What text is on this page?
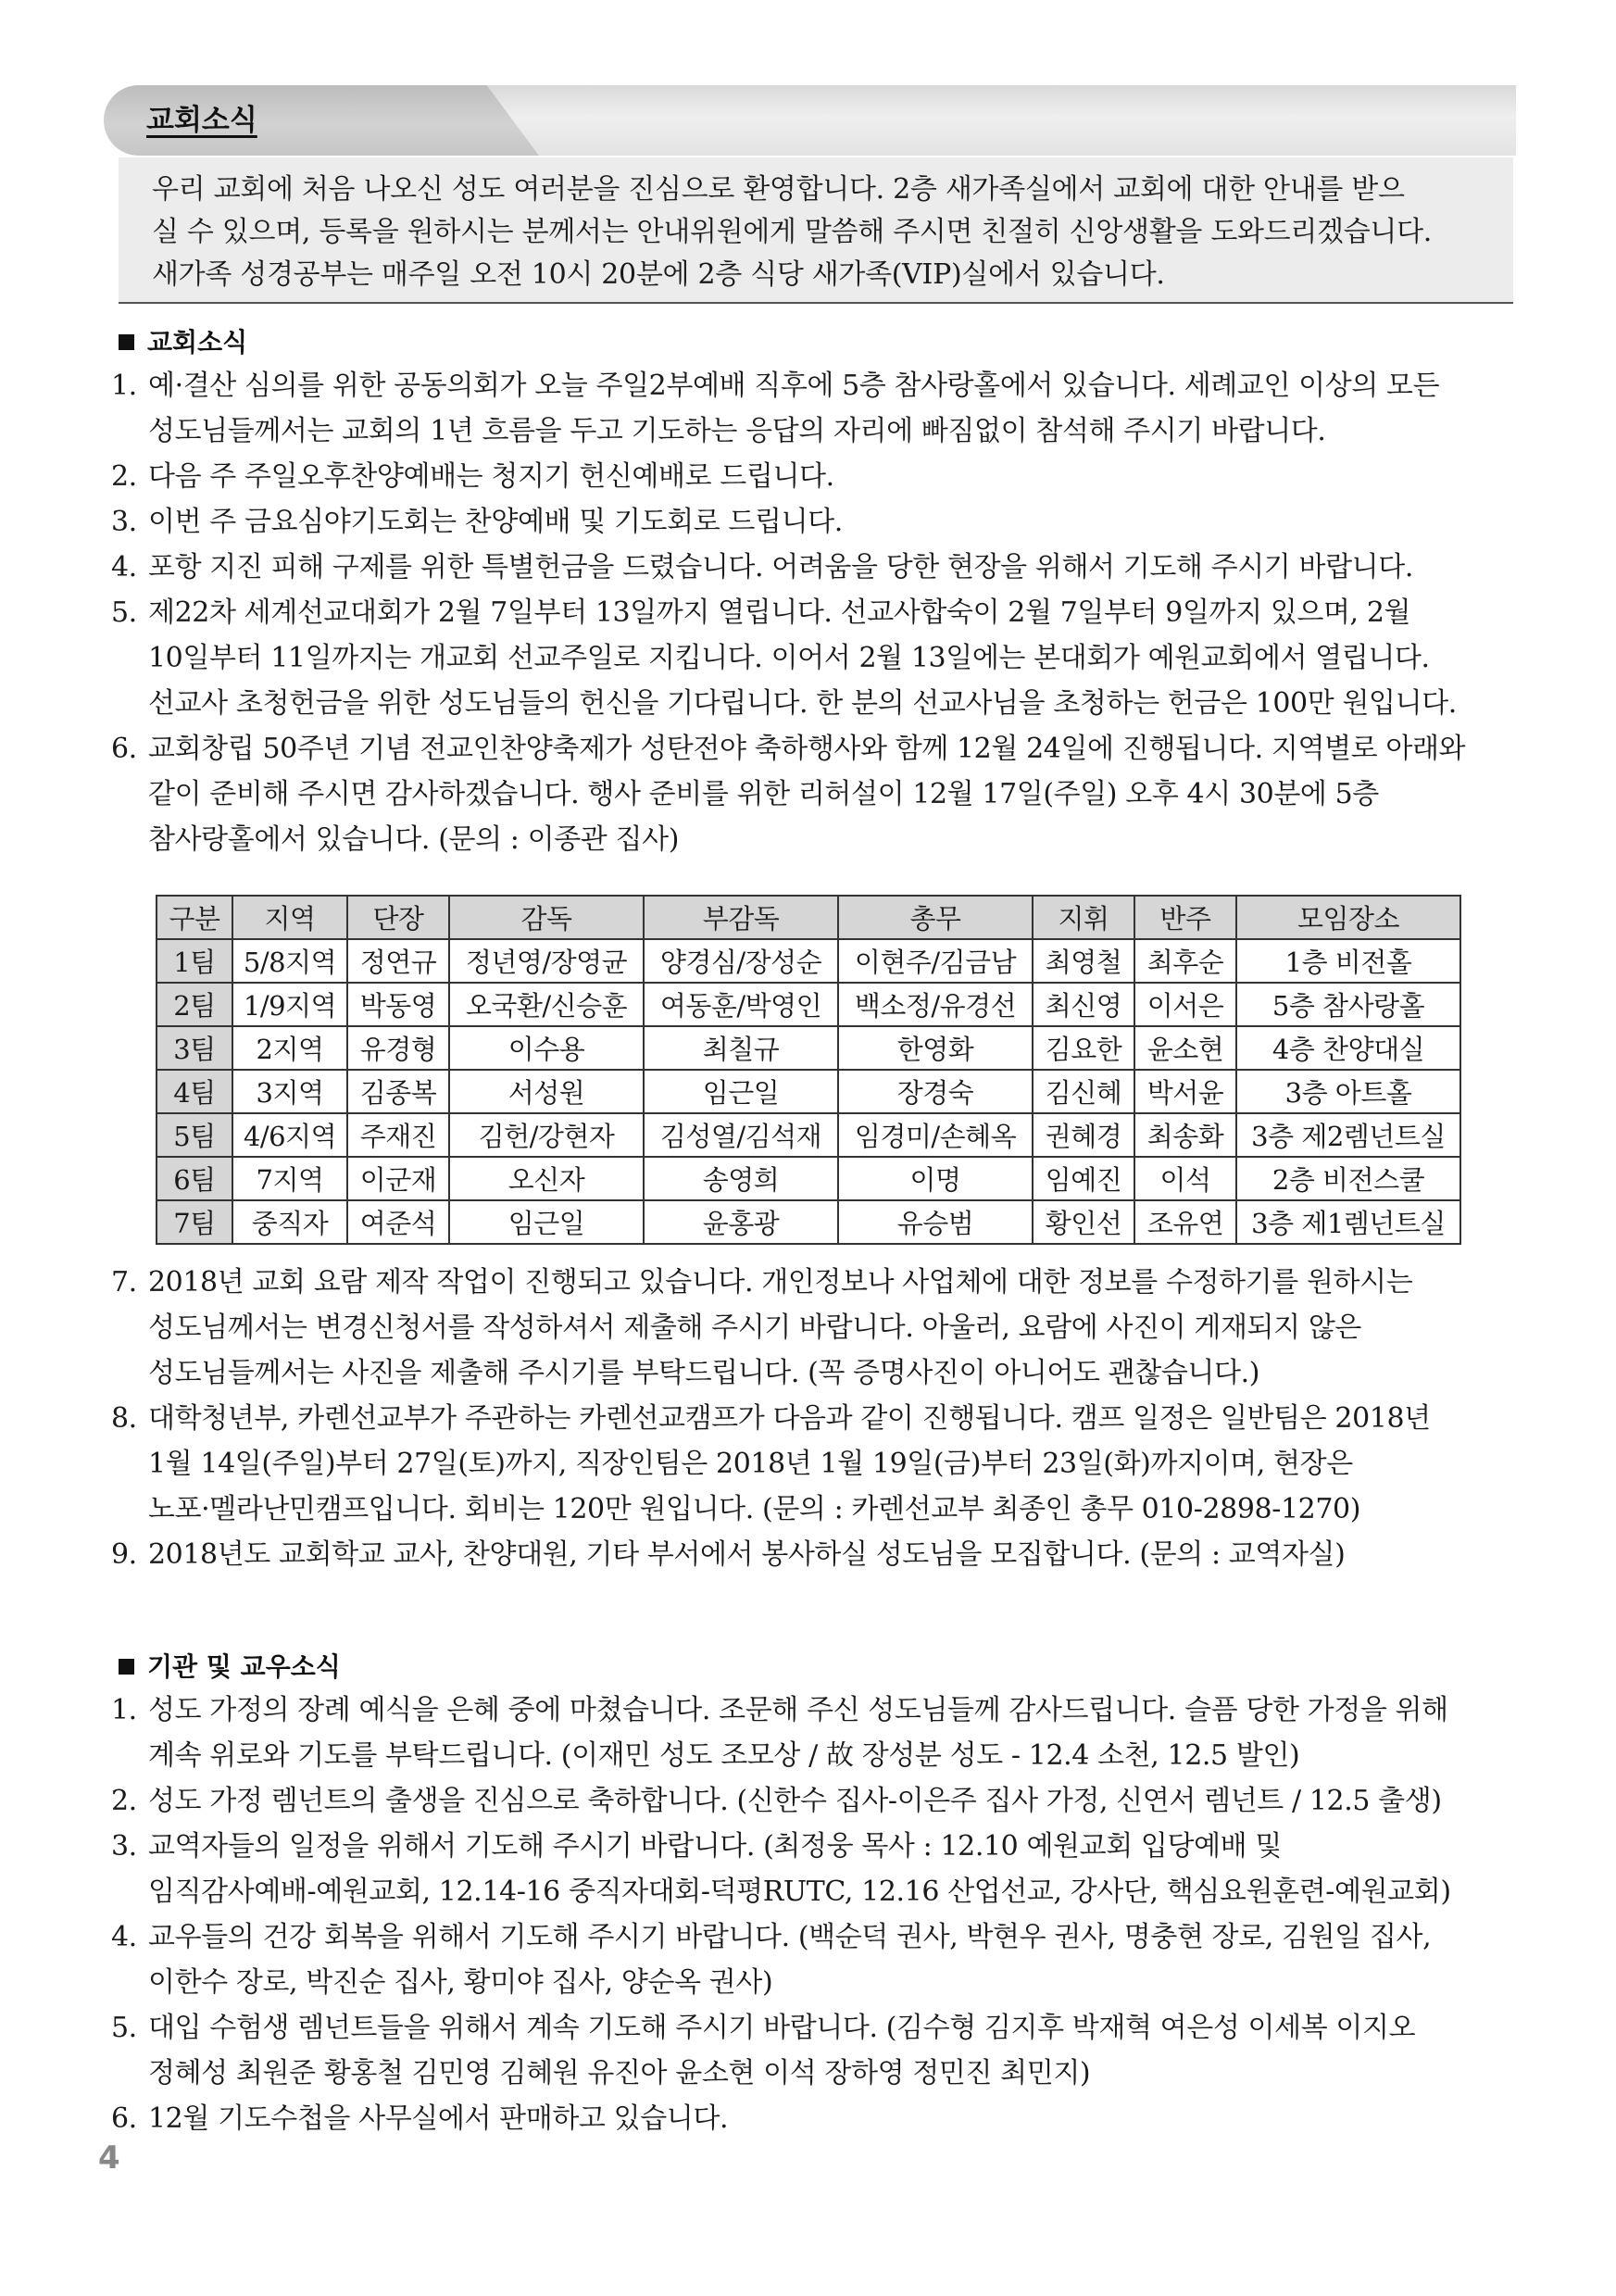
교회소식

우리 교회에 처음 나오신 성도 여러분을 진심으로 환영합니다. 2층 새가족실에서 교회에 대한 안내를 받으

실 수 있으며, 등록을 원하시는 분께서는 안내위원에게 말씀해 주시면 친절히 신앙생활을 도와드리겠습니다.

새가족 성경공부는 매주일 오전 10시 20분에 2층 식당 새가족(VIP)실에서 있습니다.

교회소식
1. 예·결산 심의를 위한 공동의회가 오늘 주일2부예배 직후에 5층 참사랑홀에서 있습니다. 세례교인 이상의 모든
성도님들께서는 교회의 1년 흐름을 두고 기도하는 응답의 자리에 빠짐없이 참석해 주시기 바랍니다.
2. 다음 주 주일오후찬양예배는 청지기 헌신예배로 드립니다.
3. 이번 주 금요심야기도회는 찬양예배 및 기도회로 드립니다.
4. 포항 지진 피해 구제를 위한 특별헌금을 드렸습니다. 어려움을 당한 현장을 위해서 기도해 주시기 바랍니다.
5. 제22차 세계선교대회가 2월 7일부터 13일까지 열립니다. 선교사합숙이 2월 7일부터 9일까지 있으며, 2월
10일부터 11일까지는 개교회 선교주일로 지킵니다. 이어서 2월 13일에는 본대회가 예원교회에서 열립니다.
선교사 초청헌금을 위한 성도님들의 헌신을 기다립니다. 한 분의 선교사님을 초청하는 헌금은 100만 원입니다.
6. 교회창립 50주년 기념 전교인찬양축제가 성탄전야 축하행사와 함께 12월 24일에 진행됩니다. 지역별로 아래와
같이 준비해 주시면 감사하겠습니다. 행사 준비를 위한 리허설이 12월 17일(주일) 오후 4시 30분에 5층
참사랑홀에서 있습니다. (문의 : 이종관 집사)
구분	지역	단장	감독	부감독	총무	지휘	반주	모임장소
1팀	5/8지역	정연규	정년영/장영균	양경심/장성순	이현주/김금남	최영철	최후순	1층 비전홀
2팀	1/9지역	박동영	오국환/신승훈	여동훈/박영인	백소정/유경선	최신영	이서은	5층 참사랑홀
3팀	2지역	유경형	이수용	최칠규	한영화	김요한	윤소현	4층 찬양대실
4팀	3지역	김종복	서성원	임근일	장경숙	김신혜	박서윤	3층 아트홀
5팀	4/6지역	주재진	김헌/강현자	김성열/김석재	임경미/손혜옥	권혜경	최송화	3층 제2렘넌트실
6팀	7지역	이군재	오신자	송영희	이명	임예진	이석	2층 비전스쿨
7팀	중직자	여준석	임근일	윤홍광	유승범	황인선	조유연	3층 제1렘넌트실
7. 2018년 교회 요람 제작 작업이 진행되고 있습니다. 개인정보나 사업체에 대한 정보를 수정하기를 원하시는
성도님께서는 변경신청서를 작성하셔서 제출해 주시기 바랍니다. 아울러, 요람에 사진이 게재되지 않은
성도님들께서는 사진을 제출해 주시기를 부탁드립니다. (꼭 증명사진이 아니어도 괜찮습니다.)
8. 대학청년부, 카렌선교부가 주관하는 카렌선교캠프가 다음과 같이 진행됩니다. 캠프 일정은 일반팀은 2018년
1월 14일(주일)부터 27일(토)까지, 직장인팀은 2018년 1월 19일(금)부터 23일(화)까지이며, 현장은
노포·멜라난민캠프입니다. 회비는 120만 원입니다. (문의 : 카렌선교부 최종인 총무 010-2898-1270)
9. 2018년도 교회학교 교사, 찬양대원, 기타 부서에서 봉사하실 성도님을 모집합니다. (문의 : 교역자실)
기관 및 교우소식
1. 성도 가정의 장례 예식을 은혜 중에 마쳤습니다. 조문해 주신 성도님들께 감사드립니다. 슬픔 당한 가정을 위해
계속 위로와 기도를 부탁드립니다. (이재민 성도 조모상 / 故 장성분 성도 - 12.4 소천, 12.5 발인)
2. 성도 가정 렘넌트의 출생을 진심으로 축하합니다. (신한수 집사-이은주 집사 가정, 신연서 렘넌트 / 12.5 출생)
3. 교역자들의 일정을 위해서 기도해 주시기 바랍니다. (최정웅 목사 : 12.10 예원교회 입당예배 및
임직감사예배-예원교회, 12.14-16 중직자대회-덕평RUTC, 12.16 산업선교, 강사단, 핵심요원훈련-예원교회)
4. 교우들의 건강 회복을 위해서 기도해 주시기 바랍니다. (백순덕 권사, 박현우 권사, 명충현 장로, 김원일 집사,
이한수 장로, 박진순 집사, 황미야 집사, 양순옥 권사)
5. 대입 수험생 렘넌트들을 위해서 계속 기도해 주시기 바랍니다. (김수형 김지후 박재혁 여은성 이세복 이지오
정혜성 최원준 황홍철 김민영 김혜원 유진아 윤소현 이석 장하영 정민진 최민지)
6. 12월 기도수첩을 사무실에서 판매하고 있습니다.
4
